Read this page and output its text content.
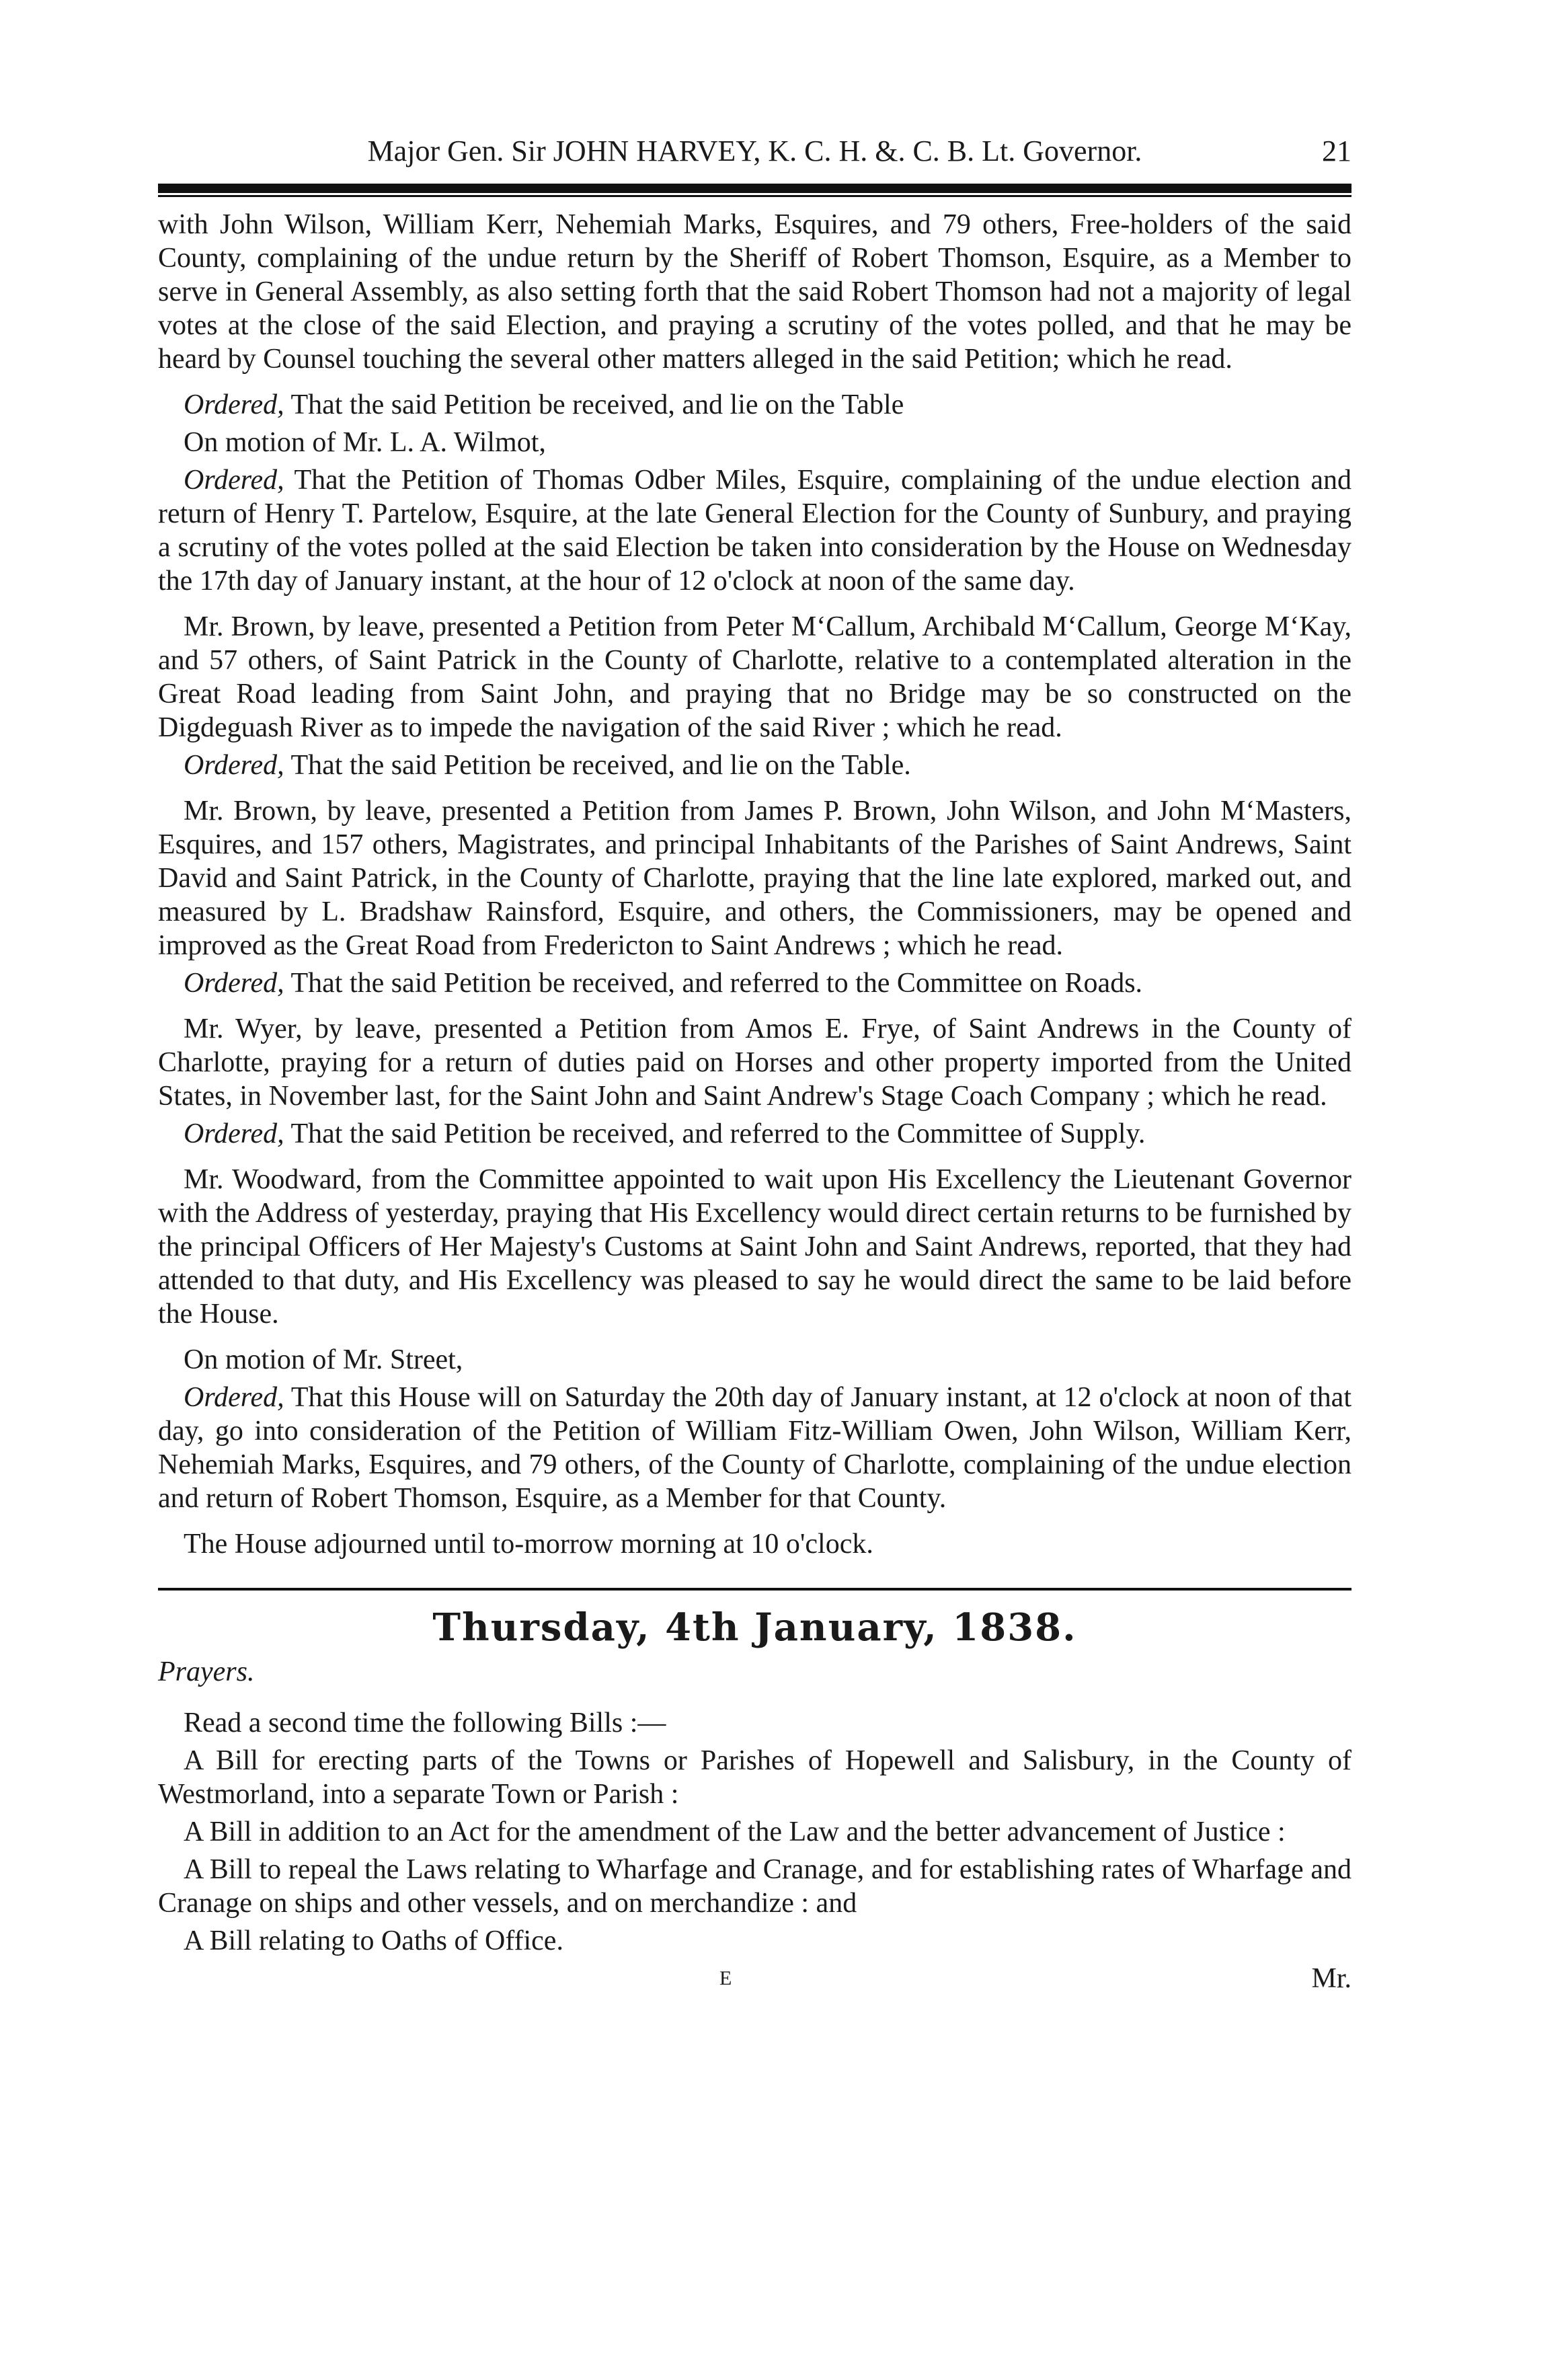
Major Gen. Sir JOHN HARVEY, K. C. H. &. C. B. Lt. Governor.	21

with John Wilson, William Kerr, Nehemiah Marks, Esquires, and 79 others, Free-holders of the said County, complaining of the undue return by the Sheriff of Robert Thomson, Esquire, as a Member to serve in General Assembly, as also setting forth that the said Robert Thomson had not a majority of legal votes at the close of the said Election, and praying a scrutiny of the votes polled, and that he may be heard by Counsel touching the several other matters alleged in the said Petition; which he read.

Ordered, That the said Petition be received, and lie on the Table

On motion of Mr. L. A. Wilmot,

Ordered, That the Petition of Thomas Odber Miles, Esquire, complaining of the undue election and return of Henry T. Partelow, Esquire, at the late General Election for the County of Sunbury, and praying a scrutiny of the votes polled at the said Election be taken into consideration by the House on Wednesday the 17th day of January instant, at the hour of 12 o'clock at noon of the same day.

Mr. Brown, by leave, presented a Petition from Peter M‘Callum, Archibald M‘Callum, George M‘Kay, and 57 others, of Saint Patrick in the County of Charlotte, relative to a contemplated alteration in the Great Road leading from Saint John, and praying that no Bridge may be so constructed on the Digdeguash River as to impede the navigation of the said River ; which he read.

Ordered, That the said Petition be received, and lie on the Table.

Mr. Brown, by leave, presented a Petition from James P. Brown, John Wilson, and John M‘Masters, Esquires, and 157 others, Magistrates, and principal Inhabitants of the Parishes of Saint Andrews, Saint David and Saint Patrick, in the County of Charlotte, praying that the line late explored, marked out, and measured by L. Bradshaw Rainsford, Esquire, and others, the Commissioners, may be opened and improved as the Great Road from Fredericton to Saint Andrews ; which he read.

Ordered, That the said Petition be received, and referred to the Committee on Roads.

Mr. Wyer, by leave, presented a Petition from Amos E. Frye, of Saint Andrews in the County of Charlotte, praying for a return of duties paid on Horses and other property imported from the United States, in November last, for the Saint John and Saint Andrew's Stage Coach Company ; which he read.

Ordered, That the said Petition be received, and referred to the Committee of Supply.

Mr. Woodward, from the Committee appointed to wait upon His Excellency the Lieutenant Governor with the Address of yesterday, praying that His Excellency would direct certain returns to be furnished by the principal Officers of Her Majesty's Customs at Saint John and Saint Andrews, reported, that they had attended to that duty, and His Excellency was pleased to say he would direct the same to be laid before the House.

On motion of Mr. Street,

Ordered, That this House will on Saturday the 20th day of January instant, at 12 o'clock at noon of that day, go into consideration of the Petition of William Fitz-William Owen, John Wilson, William Kerr, Nehemiah Marks, Esquires, and 79 others, of the County of Charlotte, complaining of the undue election and return of Robert Thomson, Esquire, as a Member for that County.

The House adjourned until to-morrow morning at 10 o'clock.

Thursday, 4th January, 1838.

Prayers.

Read a second time the following Bills :—

A Bill for erecting parts of the Towns or Parishes of Hopewell and Salisbury, in the County of Westmorland, into a separate Town or Parish :

A Bill in addition to an Act for the amendment of the Law and the better advancement of Justice :

A Bill to repeal the Laws relating to Wharfage and Cranage, and for establishing rates of Wharfage and Cranage on ships and other vessels, and on merchandize : and

A Bill relating to Oaths of Office.

E	Mr.
